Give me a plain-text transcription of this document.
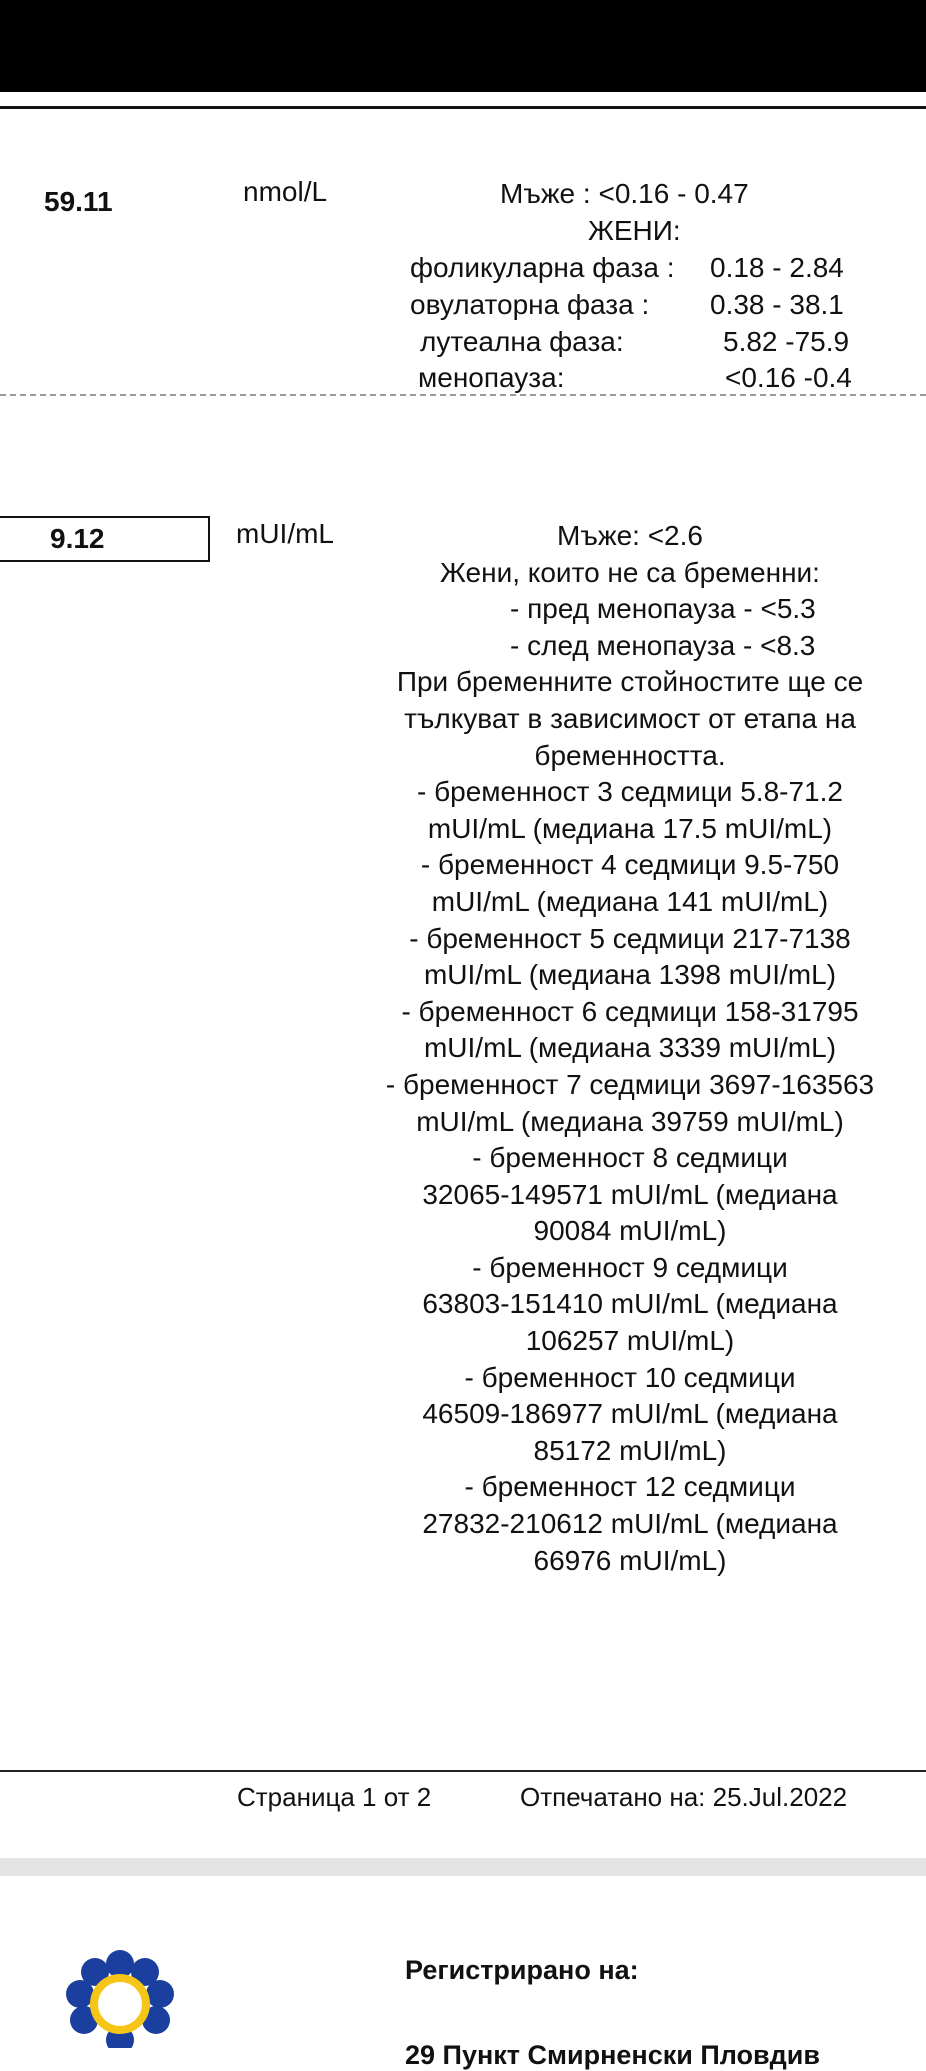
59.11	nmol/L	Мъже : <0.16 - 0.47
ЖЕНИ:
фоликуларна фаза : 0.18 - 2.84
овулаторна фаза : 0.38 - 38.1
лутеална фаза:	5.82 -75.9
менопауза:	<0.16 -0.4
9.12	mUI/mL	Мъже: <2.6
Жени, които не са бременни:
- пред менопауза - <5.3
- след менопауза - <8.3
При бременните стойностите ще се
тълкуват в зависимост от етапа на
бременността.
- бременност 3 седмици 5.8-71.2
mUI/mL (медиана 17.5 mUI/mL)
- бременност 4 седмици 9.5-750
mUI/mL (медиана 141 mUI/mL)
- бременност 5 седмици 217-7138
mUI/mL (медиана 1398 mUI/mL)
- бременност 6 седмици 158-31795
mUI/mL (медиана 3339 mUI/mL)
- бременност 7 седмици 3697-163563
mUI/mL (медиана 39759 mUI/mL)
- бременност 8 седмици
32065-149571 mUI/mL (медиана
90084 mUI/mL)
- бременност 9 седмици
63803-151410 mUI/mL (медиана
106257 mUI/mL)
- бременност 10 седмици
46509-186977 mUI/mL (медиана
85172 mUI/mL)
- бременност 12 седмици
27832-210612 mUI/mL (медиана
66976 mUI/mL)
Страница 1 от 2	Отпечатано на: 25.Jul.2022
Регистрирано на:
29 Пункт Смирненски Пловдив
